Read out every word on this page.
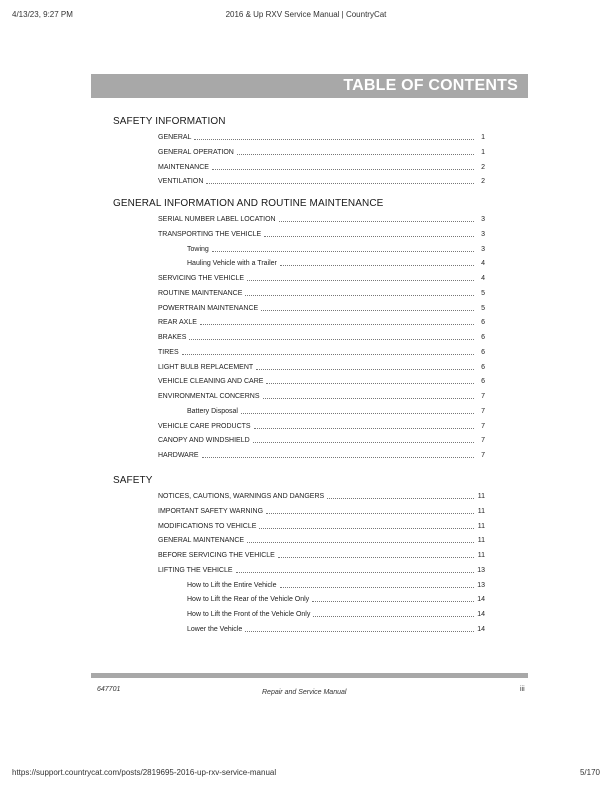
4/13/23, 9:27 PM	2016 & Up RXV Service Manual | CountryCat
TABLE OF CONTENTS
SAFETY INFORMATION
GENERAL	1
GENERAL OPERATION	1
MAINTENANCE	2
VENTILATION	2
GENERAL INFORMATION AND ROUTINE MAINTENANCE
SERIAL NUMBER LABEL LOCATION	3
TRANSPORTING THE VEHICLE	3
Towing	3
Hauling Vehicle with a Trailer	4
SERVICING THE VEHICLE	4
ROUTINE MAINTENANCE	5
POWERTRAIN MAINTENANCE	5
REAR AXLE	6
BRAKES	6
TIRES	6
LIGHT BULB REPLACEMENT	6
VEHICLE CLEANING AND CARE	6
ENVIRONMENTAL CONCERNS	7
Battery Disposal	7
VEHICLE CARE PRODUCTS	7
CANOPY AND WINDSHIELD	7
HARDWARE	7
SAFETY
NOTICES, CAUTIONS, WARNINGS AND DANGERS	11
IMPORTANT SAFETY WARNING	11
MODIFICATIONS TO VEHICLE	11
GENERAL MAINTENANCE	11
BEFORE SERVICING THE VEHICLE	11
LIFTING THE VEHICLE	13
How to Lift the Entire Vehicle	13
How to Lift the Rear of the Vehicle Only	14
How to Lift the Front of the Vehicle Only	14
Lower the Vehicle	14
647701	Repair and Service Manual	iii
https://support.countrycat.com/posts/2819695-2016-up-rxv-service-manual	5/170
